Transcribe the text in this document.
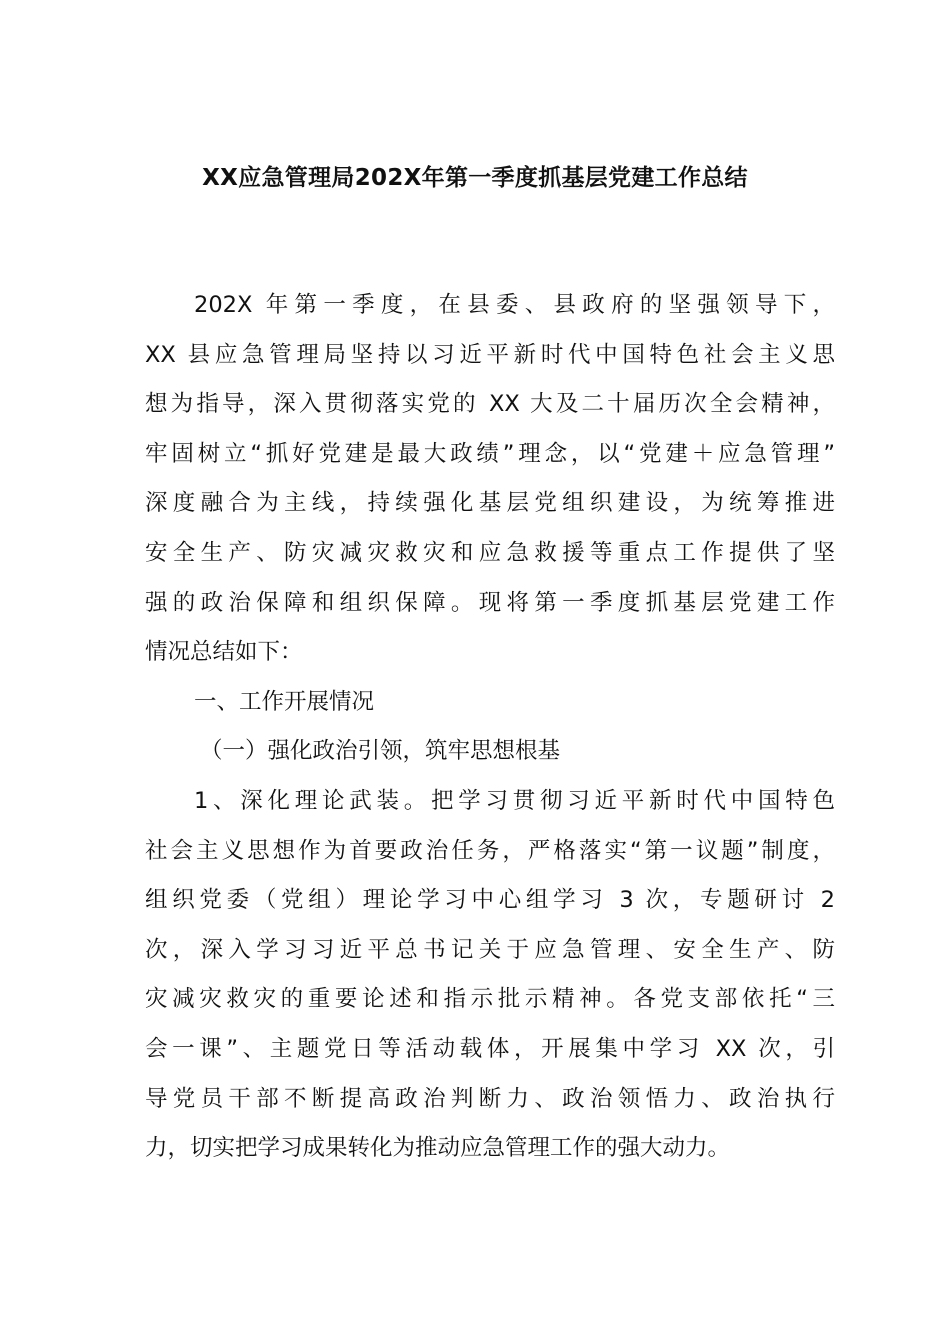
XX应急管理局202X年第一季度抓基层党建工作总结
202X 年第一季度，在县委、县政府的坚强领导下，
XX 县应急管理局坚持以习近平新时代中国特色社会主义思
想为指导，深入贯彻落实党的 XX 大及二十届历次全会精神，
牢固树立“抓好党建是最大政绩”理念，以“党建＋应急管理”
深度融合为主线，持续强化基层党组织建设，为统筹推进
安全生产、防灾减灾救灾和应急救援等重点工作提供了坚
强的政治保障和组织保障。现将第一季度抓基层党建工作
情况总结如下：
一、工作开展情况
（一）强化政治引领，筑牢思想根基
1、深化理论武装。把学习贯彻习近平新时代中国特色
社会主义思想作为首要政治任务，严格落实“第一议题”制度，
组织党委（党组）理论学习中心组学习 3 次，专题研讨 2
次，深入学习习近平总书记关于应急管理、安全生产、防
灾减灾救灾的重要论述和指示批示精神。各党支部依托“三
会一课”、主题党日等活动载体，开展集中学习 XX 次，引
导党员干部不断提高政治判断力、政治领悟力、政治执行
力，切实把学习成果转化为推动应急管理工作的强大动力。
